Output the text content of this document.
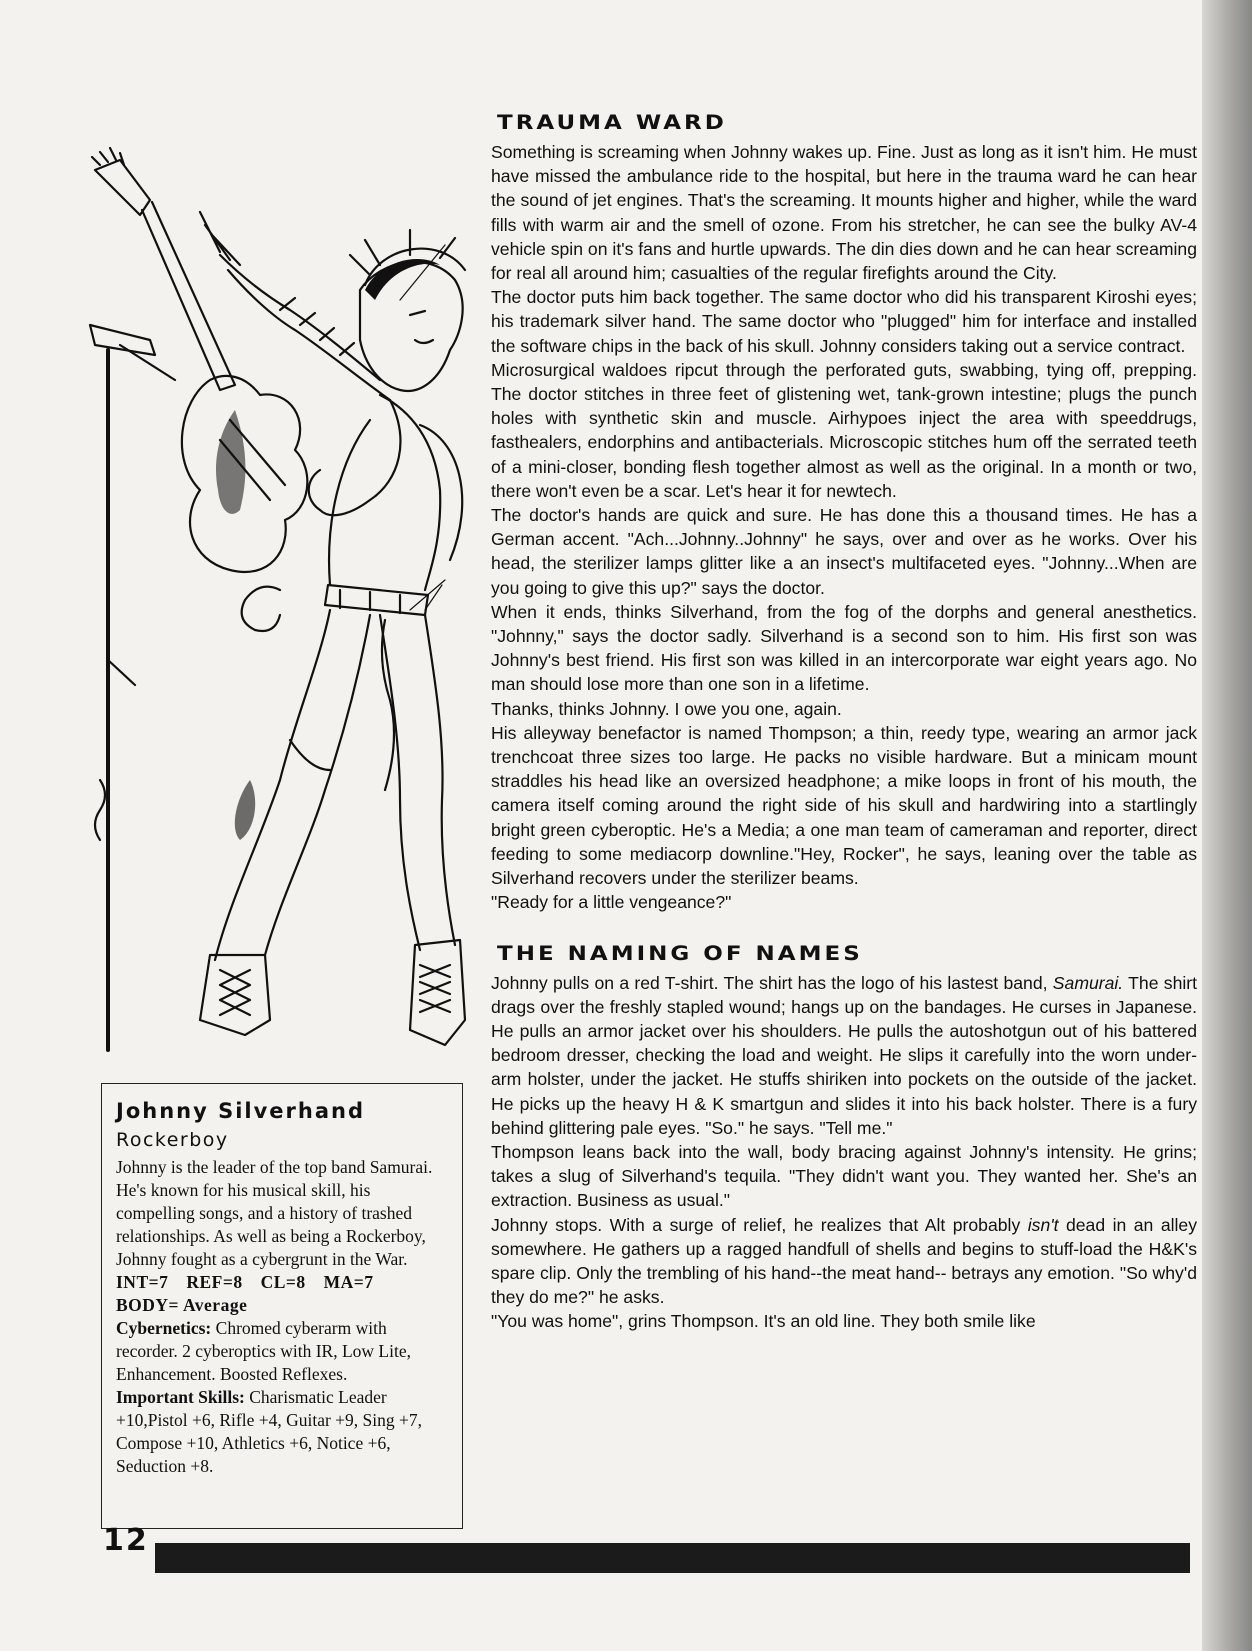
TRAUMA WARD

Something is screaming when Johnny wakes up. Fine. Just as long as it isn't him. He must have missed the ambulance ride to the hospital, but here in the trauma ward he can hear the sound of jet engines. That's the screaming. It mounts higher and higher, while the ward fills with warm air and the smell of ozone. From his stretcher, he can see the bulky AV-4 vehicle spin on it's fans and hurtle upwards. The din dies down and he can hear screaming for real all around him; casualties of the regular firefights around the City.

The doctor puts him back together. The same doctor who did his transparent Kiroshi eyes; his trademark silver hand. The same doctor who "plugged" him for interface and installed the software chips in the back of his skull. Johnny considers taking out a service contract.

Microsurgical waldoes ripcut through the perforated guts, swabbing, tying off, prepping. The doctor stitches in three feet of glistening wet, tank-grown intestine; plugs the punch holes with synthetic skin and muscle. Airhypoes inject the area with speeddrugs, fasthealers, endorphins and antibacterials. Microscopic stitches hum off the serrated teeth of a mini-closer, bonding flesh together almost as well as the original. In a month or two, there won't even be a scar. Let's hear it for newtech.

The doctor's hands are quick and sure. He has done this a thousand times. He has a German accent. "Ach...Johnny..Johnny" he says, over and over as he works. Over his head, the sterilizer lamps glitter like a an insect's multifaceted eyes. "Johnny...When are you going to give this up?" says the doctor.

When it ends, thinks Silverhand, from the fog of the dorphs and general anesthetics. "Johnny," says the doctor sadly. Silverhand is a second son to him. His first son was Johnny's best friend. His first son was killed in an intercorporate war eight years ago. No man should lose more than one son in a lifetime.

Thanks, thinks Johnny. I owe you one, again.

His alleyway benefactor is named Thompson; a thin, reedy type, wearing an armor jack trenchcoat three sizes too large. He packs no visible hardware. But a minicam mount straddles his head like an oversized headphone; a mike loops in front of his mouth, the camera itself coming around the right side of his skull and hardwiring into a startlingly bright green cyberoptic. He's a Media; a one man team of cameraman and reporter, direct feeding to some mediacorp downline."Hey, Rocker", he says, leaning over the table as Silverhand recovers under the sterilizer beams.

"Ready for a little vengeance?"

THE NAMING OF NAMES

Johnny pulls on a red T-shirt. The shirt has the logo of his lastest band, Samurai. The shirt drags over the freshly stapled wound; hangs up on the bandages. He curses in Japanese. He pulls an armor jacket over his shoulders. He pulls the autoshotgun out of his battered bedroom dresser, checking the load and weight. He slips it carefully into the worn under-arm holster, under the jacket. He stuffs shiriken into pockets on the outside of the jacket. He picks up the heavy H & K smartgun and slides it into his back holster. There is a fury behind glittering pale eyes. "So." he says. "Tell me."

Thompson leans back into the wall, body bracing against Johnny's intensity. He grins; takes a slug of Silverhand's tequila. "They didn't want you. They wanted her. She's an extraction. Business as usual."

Johnny stops. With a surge of relief, he realizes that Alt probably isn't dead in an alley somewhere. He gathers up a ragged handfull of shells and begins to stuff-load the H&K's spare clip. Only the trembling of his hand--the meat hand-- betrays any emotion. "So why'd they do me?" he asks.

"You was home", grins Thompson. It's an old line. They both smile like

Johnny Silverhand

Rockerboy

Johnny is the leader of the top band Samurai. He's known for his musical skill, his compelling songs, and a history of trashed relationships. As well as being a Rockerboy, Johnny fought as a cybergrunt in the War.

INT=7 REF=8 CL=8 MA=7

BODY= Average

Cybernetics: Chromed cyberarm with recorder. 2 cyberoptics with IR, Low Lite, Enhancement. Boosted Reflexes.

Important Skills: Charismatic Leader +10,Pistol +6, Rifle +4, Guitar +9, Sing +7, Compose +10, Athletics +6, Notice +6, Seduction +8.

12
